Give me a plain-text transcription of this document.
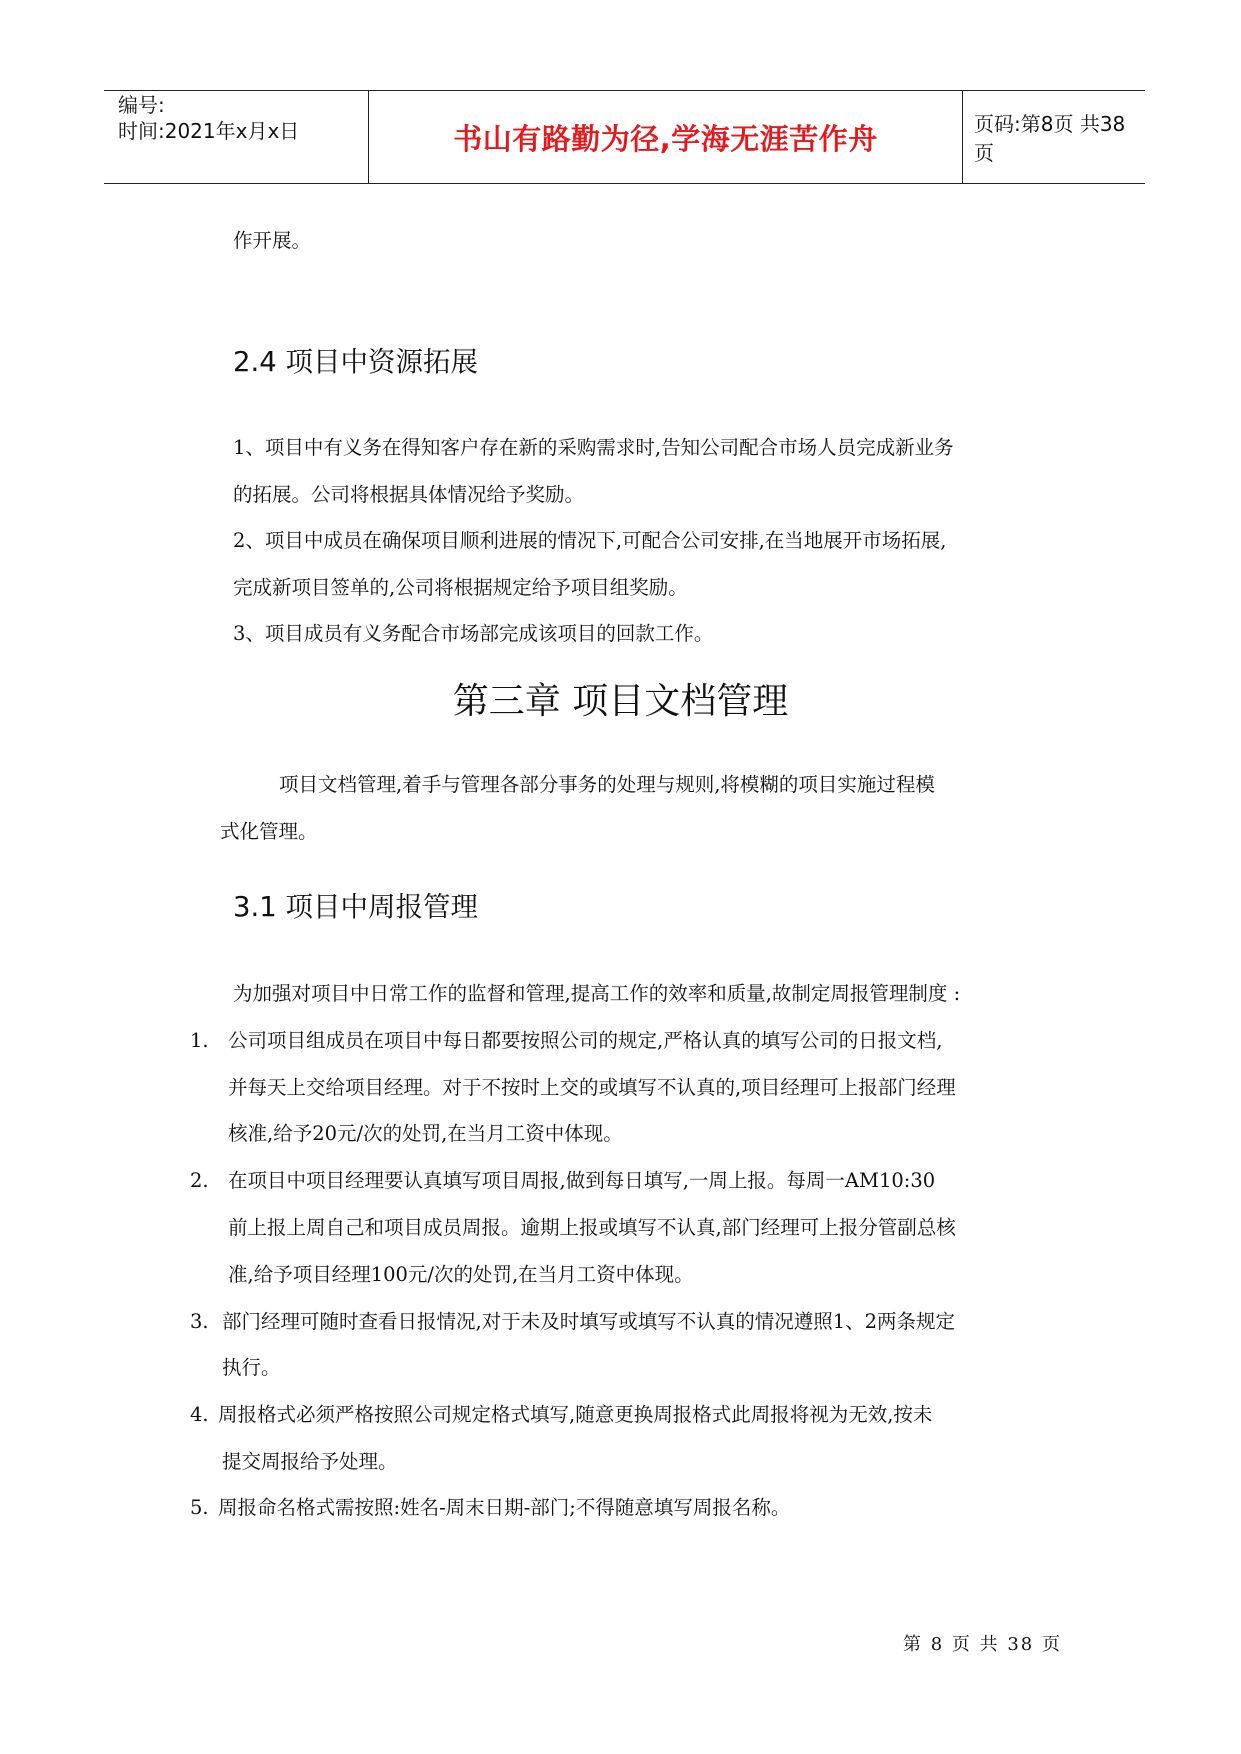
编号:
时间:2021年x月x日	书山有路勤为径,学海无涯苦作舟	页码:第8页 共38页
作开展。
2.4 项目中资源拓展
1、项目中有义务在得知客户存在新的采购需求时,告知公司配合市场人员完成新业务
的拓展。公司将根据具体情况给予奖励。
2、项目中成员在确保项目顺利进展的情况下,可配合公司安排,在当地展开市场拓展,
完成新项目签单的,公司将根据规定给予项目组奖励。
3、项目成员有义务配合市场部完成该项目的回款工作。
第三章 项目文档管理
项目文档管理,着手与管理各部分事务的处理与规则,将模糊的项目实施过程模
式化管理。
3.1 项目中周报管理
为加强对项目中日常工作的监督和管理,提高工作的效率和质量,故制定周报管理制度 :
1. 公司项目组成员在项目中每日都要按照公司的规定,严格认真的填写公司的日报文档,
并每天上交给项目经理。对于不按时上交的或填写不认真的,项目经理可上报部门经理
核准,给予20元/次的处罚,在当月工资中体现。
2. 在项目中项目经理要认真填写项目周报,做到每日填写,一周上报。每周一AM10:30
前上报上周自己和项目成员周报。逾期上报或填写不认真,部门经理可上报分管副总核
准,给予项目经理100元/次的处罚,在当月工资中体现。
3. 部门经理可随时查看日报情况,对于未及时填写或填写不认真的情况遵照1、2两条规定
执行。
4. 周报格式必须严格按照公司规定格式填写,随意更换周报格式此周报将视为无效,按未
提交周报给予处理。
5. 周报命名格式需按照:姓名-周末日期-部门;不得随意填写周报名称。
第 8 页 共 38 页
